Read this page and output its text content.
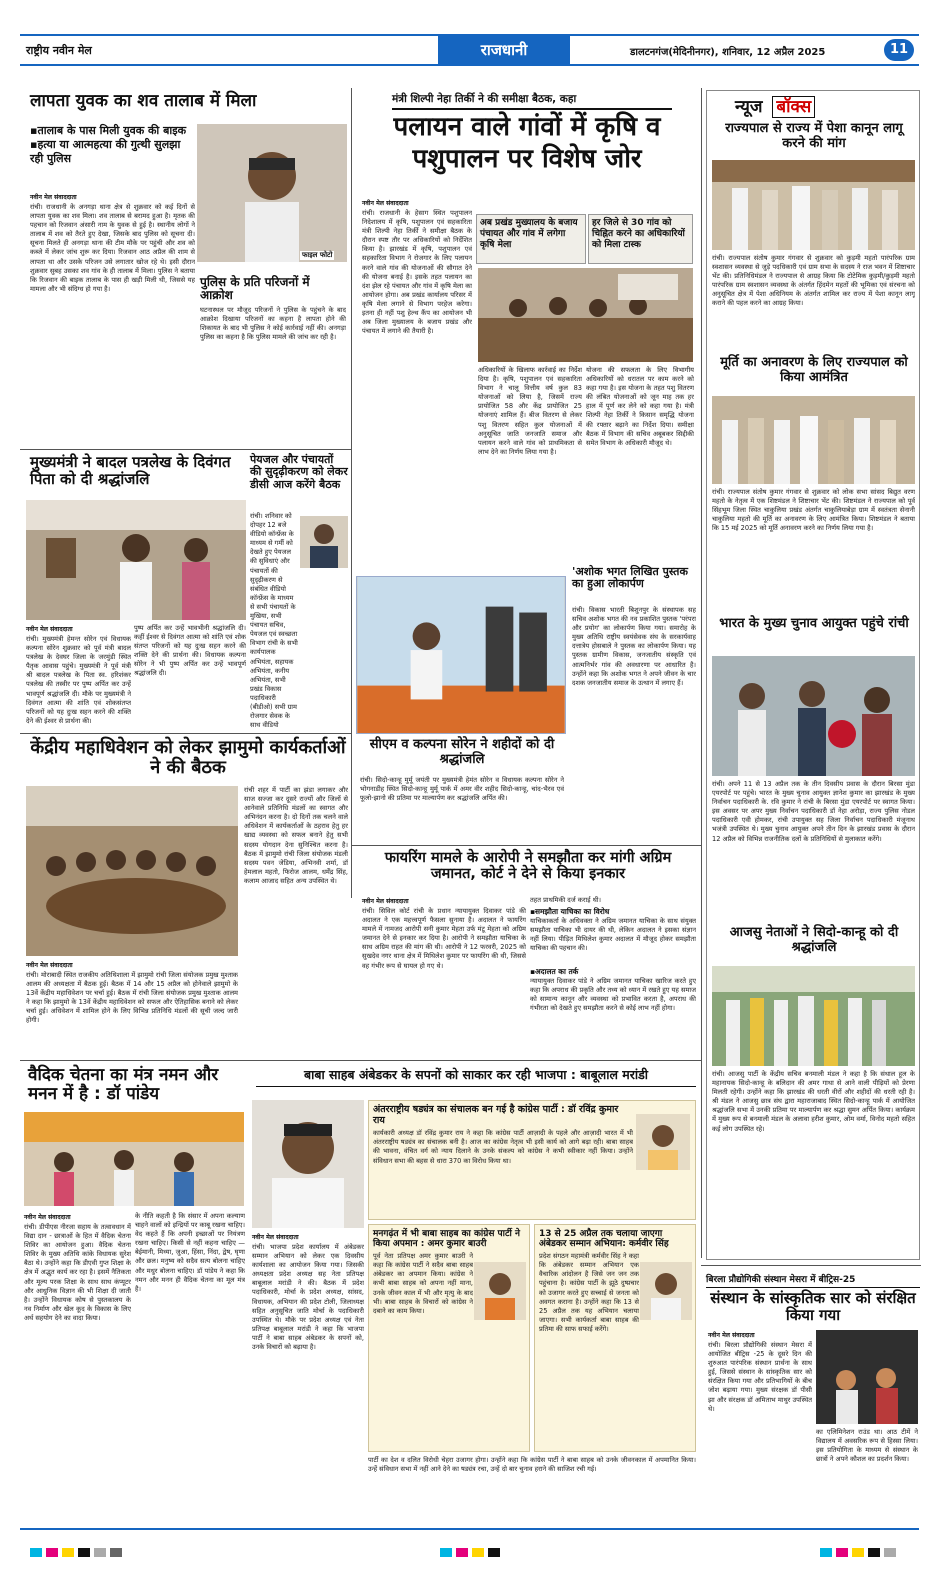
राष्ट्रीय नवीन मेल	राजधानी	डालटनगंज(मेदिनीनगर), शनिवार, 12 अप्रैल 2025	11
लापता युवक का शव तालाब में मिला
▪तालाब के पास मिली युवक की बाइक
▪हत्या या आत्महत्या की गुत्थी सुलझा रही पुलिस
फाइल फोटो
पुलिस के प्रति परिजनों में आक्रोश
नवीन मेल संवाददाता
रांची। राजधानी के अनगड़ा थाना क्षेत्र से शुक्रवार को कई दिनों से लापता युवक का शव मिला। शव तालाब से बरामद हुआ है। मृतक की पहचान को रिजवान अंसारी नाम के युवक से हुई है। स्थानीय लोगों ने तालाब में शव को तैरते हुए देखा, जिसके बाद पुलिस को सूचना दी। सूचना मिलते ही अनगड़ा थाना की टीम मौके पर पहुंची और शव को कब्जे में लेकर जांच शुरू कर दिया। रिजवान आठ अप्रैल की शाम से लापता था और उसके परिजन उसे लगातार खोज रहे थे। इसी दौरान शुक्रवार सुबह उसका शव गांव के ही तालाब में मिला। पुलिस ने बताया कि रिजवान की बाइक तालाब के पास ही खड़ी मिली थी, जिससे यह मामला और भी संदिग्ध हो गया है।
घटनास्थल पर मौजूद परिजनों ने पुलिस के पहुंचने के बाद आक्रोश दिखाया परिजनों का कहना है लापता होने की शिकायत के बाद भी पुलिस ने कोई कार्रवाई नहीं की। अनगड़ा पुलिस का कहना है कि पुलिस मामले की जांच कर रही है।
मंत्री शिल्पी नेहा तिर्की ने की समीक्षा बैठक, कहा
पलायन वाले गांवों में कृषि व पशुपालन पर विशेष जोर
नवीन मेल संवाददाता
रांची। राजधानी के हेसाग स्थित पशुपालन निदेशालय में कृषि, पशुपालन एवं सहकारिता मंत्री शिल्पी नेहा तिर्की ने समीक्षा बैठक के दौरान स्पष्ट तौर पर अधिकारियों को निर्देशित किया है। झारखंड में कृषि, पशुपालन एवं सहकारिता विभाग ने रोजगार के लिए पलायन करने वाले गांव की योजनाओं की सौगात देने की योजना बनाई है। इसके तहत पलायन का दंश झेल रहे पंचायत और गांव में कृषि मेला का आयोजन होगा। अब प्रखंड कार्यालय परिसर में कृषि मेला लगाने से विभाग परहेज करेगा। इतना ही नहीं पशु हेल्थ कैंप का आयोजन भी अब जिला मुख्यालय के बजाय प्रखंड और पंचायत में लगाने की तैयारी है।
अब प्रखंड मुख्यालय के बजाय पंचायत और गांव में लगेगा कृषि मेला
हर जिले से 30 गांव को चिह्नित करने का अधिकारियों को मिला टास्क
अधिकारियों के खिलाफ कार्रवाई का निर्देश दिया है। कृषि, पशुपालन एवं सहकारिता विभाग ने चालू वित्तीय वर्ष कुल 83 योजनाओं को लिया है, जिसमें राज्य प्रायोजित 58 और केंद्र प्रायोजित 25 योजनाएं शामिल हैं। बीज वितरण से लेकर पशु वितरण सहित कुल योजनाओं में अनुसूचित जाति जनजाति समाज और पलायन करने वाले गांव को प्राथमिकता से लाभ देने का निर्णय लिया गया है।
योजना की सफलता के लिए विभागीय अधिकारियों को धरातल पर काम करने को कहा गया है। इस योजना के तहत पशु वितरण की लंबित योजनाओं को जून माह तक हर हाल में पूर्ण कर लेने को कहा गया है। मंत्री शिल्पी नेहा तिर्की ने किसान समृद्धि योजना की रफ्तार बढ़ाने का निर्देश दिया। समीक्षा बैठक में विभाग की सचिव अबूबकर सिद्दीकी समेत विभाग के अधिकारी मौजूद थे।
न्यूज बॉक्स
राज्यपाल से राज्य में पेशा कानून लागू करने की मांग
रांची। राज्यपाल संतोष कुमार गंगवार से शुक्रवार को कुड़मी महतो पारंपरिक ग्राम स्वशासन व्यवस्था से जुड़े पदधिकारी एवं ग्राम सभा के सदस्य ने राज भवन में शिष्टाचार भेंट की। प्रतिनिधिमंडल ने राज्यपाल से आग्रह किया कि टोटेमिक कुड़मी/कुड़मी महतो पारंपरिक ग्राम स्वशासन व्यवस्था के अंतर्गत हिंदमेन महतों की भूमिका एवं संरचना को अनुसूचित क्षेत्र में पेशा अधिनियम के अंतर्गत शामिल कर राज्य में पेशा कानून लागू कराने की पहल करने का आग्रह किया।
मूर्ति का अनावरण के लिए राज्यपाल को किया आमंत्रित
रांची। राज्यपाल संतोष कुमार गंगवार से शुक्रवार को लोक सभा सांसद बिद्युत वरण महतो के नेतृत्व में एक शिष्टमंडल ने शिष्टाचार भेंट की। शिष्टमंडल ने राज्यपाल को पूर्व सिंहभूम जिला स्थित चाकुलिया प्रखंड अंतर्गत चाकुलियाबेड़ा ग्राम में स्वतंत्रता सेनानी चाकुलिया महतो की मूर्ति का अनावरण के लिए आमंत्रित किया। शिष्टमंडल ने बताया कि 15 मई 2025 को मूर्ति अनावरण करने का निर्णय लिया गया है।
भारत के मुख्य चुनाव आयुक्त पहुंचे रांची
रांची। अपने 11 से 13 अप्रैल तक के तीन दिवसीय प्रवास के दौरान बिरसा मुंडा एयरपोर्ट पर पहुंचे। भारत के मुख्य चुनाव आयुक्त ज्ञानेश कुमार का झारखंड के मुख्य निर्वाचन पदाधिकारी के. रवि कुमार ने रांची के बिरसा मुंडा एयरपोर्ट पर स्वागत किया। इस अवसर पर अपर मुख्य निर्वाचन पदाधिकारी डॉ नेहा अरोड़ा, राज्य पुलिस नोडल पदाधिकारी एवी होमकर, रांची उपायुक्त सह जिला निर्वाचन पदाधिकारी मंजूनाथ भजंत्री उपस्थित थे। मुख्य चुनाव आयुक्त अपने तीन दिन के झारखंड प्रवास के दौरान 12 अप्रैल को विभिन्न राजनीतिक दलों के प्रतिनिधियों से मुलाकात करेंगे।
आजसु नेताओं ने सिदो-कान्हू को दी श्रद्धांजलि
रांची। आजसु पार्टी के केंद्रीय सचिव बनमाली मंडल ने कहा है कि संथाल हूल के महानायक सिदो-कान्हू के बलिदान की अमर गाथा से आने वाली पीढ़ियों को प्रेरणा मिलती रहेगी। उन्होंने कहा कि झारखंड की धरती वीरों और शहीदों की धरती रही है। श्री मंडल ने आजसु छात्र संघ द्वारा महाराजाबाद स्थित सिदो-कान्हू पार्क में आयोजित श्रद्धांजलि सभा में उनकी प्रतिमा पर माल्यार्पण कर श्रद्धा सुमन अर्पित किया। कार्यक्रम में मुख्य रूप से बनमाली मंडल के अलावा हरीश कुमार, ओम वर्मा, विनोद महतो सहित कई लोग उपस्थित रहे।
मुख्यमंत्री ने बादल पत्रलेख के दिवंगत पिता को दी श्रद्धांजलि
नवीन मेल संवाददाता
रांची। मुख्यमंत्री हेमन्त सोरेन एवं विधायक कल्पना सोरेन शुक्रवार को पूर्व मंत्री बादल पत्रलेख के देवघर जिला के जरमुंडी स्थित पैतृक आवास पहुंचे। मुख्यमंत्री ने पूर्व मंत्री श्री बादल पत्रलेख के पिता स्व. हरिशंकर पत्रलेख की तस्वीर पर पुष्प अर्पित कर उन्हें भावपूर्ण श्रद्धांजलि दी। मौके पर मुख्यमंत्री ने दिवंगत आत्मा की शांति एवं शोकसंतप्त परिजनों को यह दुःख सहन करने की शक्ति देने की ईश्वर से प्रार्थना की।
पुष्प अर्पित कर उन्हें भावभीनी श्रद्धांजलि दी। कहीं ईश्वर से दिवंगत आत्मा को शांति एवं शोक संतप्त परिजनों को यह दुःख सहन करने की शक्ति देने की प्रार्थना की। विधायक कल्पना सोरेन ने भी पुष्प अर्पित कर उन्हें भावपूर्ण श्रद्धांजलि दी।
पेयजल और पंचायतों की सुदृढ़ीकरण को लेकर डीसी आज करेंगे बैठक
रांची। शनिवार को दोपहर 12 बजे वीडियो कॉन्फ्रेंस के माध्यम से गर्मी को देखते हुए पेयजल की सुविधाएं और पंचायतों की सुदृढ़ीकरण से संबंधित वीडियो कॉन्फ्रेंस के माध्यम से सभी पंचायतों के मुखिया, सभी पंचायत सचिव, पेयजल एवं स्वच्छता विभाग रांची के सभी कार्यपालक अभियंता, सहायक अभियंता, कनीय अभियंता, सभी प्रखंड विकास पदाधिकारी (बीडीओ) सभी ग्राम रोजगार सेवक के साथ वीडियो
केंद्रीय महाधिवेशन को लेकर झामुमो कार्यकर्ताओं ने की बैठक
नवीन मेल संवाददाता
रांची। मोराबादी स्थित राजकीय अतिथिशाला में झामुमो रांची जिला संयोजक प्रमुख मुश्ताक आलम की अध्यक्षता में बैठक हुई। बैठक में 14 और 15 अप्रैल को होनेवाले झामुमो के 13वें केंद्रीय महाधिवेशन पर चर्चा हुई। बैठक में रांची जिला संयोजक प्रमुख मुश्ताक आलम ने कहा कि झामुमो के 13वें केंद्रीय महाधिवेशन को सफल और ऐतिहासिक बनाने को लेकर चर्चा हुई। अधिवेशन में शामिल होने के लिए विभिन्न प्रतिनिधि मंडलों की सूची जल्द जारी होगी।
रांची शहर में पार्टी का झंडा लगाकर और साज सज्जा कर दूसरे राज्यों और जिलों से आनेवाले प्रतिनिधि मंडलों का स्वागत और अभिनंदन करना है। दो दिनों तक चलने वाले अधिवेशन में कार्यकर्ताओं के ठहराव हेतु हर खाद्य व्यवस्था को सफल बनाने हेतु सभी सदस्य योगदान देना सुनिश्चित करना है। बैठक में झामुमो रांची जिला संयोजक मंडली सदस्य पवन जेडिया, अभिनवी शर्मा, डॉ हेमलाल महतो, फिरोज आलम, धर्मेंद्र सिंह, कलाम आजाद सहित अन्य उपस्थित थे।
सीएम व कल्पना सोरेन ने शहीदों को दी श्रद्धांजलि
रांची। सिदो-कान्हू मुर्मू जयंती पर मुख्यमंत्री हेमंत सोरेन व विधायक कल्पना सोरेन ने भोगनाडीह स्थित सिदो-कान्हू मुर्मू पार्क में अमर वीर शहीद सिदो-कान्हू, चांद-भैरव एवं फूलो-झानो की प्रतिमा पर माल्यार्पण कर श्रद्धांजलि अर्पित की।
'अशोक भगत लिखित पुस्तक का हुआ लोकार्पण
रांची। विकास भारती बिशुनपुर के संस्थापक सह सचिव अशोक भगत की नव प्रकाशित पुस्तक 'परंपरा और प्रयोग' का लोकार्पण किया गया। समारोह के मुख्य अतिथि राष्ट्रीय स्वयंसेवक संघ के सरकार्यवाह दत्तात्रेय होसबाले ने पुस्तक का लोकार्पण किया। यह पुस्तक ग्रामीण विकास, जनजातीय संस्कृति एवं आत्मनिर्भर गांव की अवधारणा पर आधारित है। उन्होंने कहा कि अशोक भगत ने अपने जीवन के चार दशक जनजातीय समाज के उत्थान में लगाए हैं।
फायरिंग मामले के आरोपी ने समझौता कर मांगी अग्रिम जमानत, कोर्ट ने देने से किया इनकार
नवीन मेल संवाददाता
रांची। सिविल कोर्ट रांची के प्रधान न्यायायुक्त दिवाकर पांडे की अदालत ने एक महत्त्वपूर्ण फैसला सुनाया है। अदालत ने फायरिंग मामले में नामजद आरोपी सनी कुमार मेहता उर्फ मंटू मेहता को अग्रिम जमानत देने से इनकार कर दिया है। आरोपी ने समझौता याचिका के साथ अग्रिम राहत की मांग की थी। आरोपी ने 12 फरवरी, 2025 को सुखदेव नगर थाना क्षेत्र में मिथिलेश कुमार पर फायरिंग की थी, जिससे वह गंभीर रूप से घायल हो गए थे।
तहत प्राथमिकी दर्ज कराई थी।
▪समझौता याचिका का विरोध
याचिकाकर्ता के अधिवक्ता ने अग्रिम जमानत याचिका के साथ संयुक्त समझौता याचिका भी दायर की थी, लेकिन अदालत ने इसका संज्ञान नहीं लिया। पीड़ित मिथिलेश कुमार अदालत में मौजूद होकर समझौता याचिका की पहचान की।
▪अदालत का तर्क
न्यायायुक्त दिवाकर पांडे ने अग्रिम जमानत याचिका खारिज करते हुए कहा कि अपराध की प्रकृति और तथ्य को ध्यान में रखते हुए यह समाज को सामान्य कानून और व्यवस्था को प्रभावित करता है, अपराध की गंभीरता को देखते हुए समझौता करने से कोई लाभ नहीं होगा।
वैदिक चेतना का मंत्र नमन और मनन में है : डॉ पांडेय
नवीन मेल संवाददाता
रांची। डीपीएस नीरजा सहाय के तत्वावधान में विद्या दान - छात्राओं के हित में वैदिक चेतना शिविर का आयोजन हुआ। वैदिक चेतना शिविर के मुख्य अतिथि कांके विधायक सुरेश बैठा थे। उन्होंने कहा कि डीएवी गुप्त शिक्षा के क्षेत्र में अद्भुत कार्य कर रहा है। इसमें नैतिकता और मूल्य परक शिक्षा के साथ साथ कंप्यूटर और आधुनिक विज्ञान की भी शिक्षा दी जाती है। उन्होंने विधायक कोष से पुस्तकालय के नव निर्माण और खेल कूद के विकास के लिए अर्थ सहयोग देने का वादा किया।
के नीति कहती है कि संसार में अपना कल्याण चाहने वालों को इन्द्रियों पर काबू रखना चाहिए। वेद कहते हैं कि अपनी इच्छाओं पर नियंत्रण रखना चाहिए। किसी से नहीं कहना चाहिए — बेईमानी, मिथ्या, जुआ, हिंसा, निंदा, द्वेष, घृणा और छल। मनुष्य को सदैव सत्य बोलना चाहिए और मधुर बोलना चाहिए। डॉ पांडेय ने कहा कि नमन और मनन ही वैदिक चेतना का मूल मंत्र है।
बाबा साहब अंबेडकर के सपनों को साकार कर रही भाजपा : बाबूलाल मरांडी
नवीन मेल संवाददाता
रांची। भाजपा प्रदेश कार्यालय में अंबेडकर सम्मान अभियान को लेकर एक दिवसीय कार्यशाला का आयोजन किया गया। जिसकी अध्यक्षता प्रदेश अध्यक्ष सह नेता प्रतिपक्ष बाबूलाल मरांडी ने की। बैठक में प्रदेश पदाधिकारी, मोर्चा के प्रदेश अध्यक्ष, सांसद, विधायक, अभियान की प्रदेश टोली, जिलाध्यक्ष सहित अनुसूचित जाति मोर्चा के पदाधिकारी उपस्थित थे। मौके पर प्रदेश अध्यक्ष एवं नेता प्रतिपक्ष बाबूलाल मरांडी ने कहा कि भाजपा पार्टी ने बाबा साहब अंबेडकर के सपनों को, उनके विचारों को बढ़ाया है।
अंतरराष्ट्रीय षड्यंत्र का संचालक बन गई है कांग्रेस पार्टी : डॉ रविंद्र कुमार राय
कार्यकारी अध्यक्ष डॉ रविंद्र कुमार राय ने कहा कि कांग्रेस पार्टी आज़ादी के पहले और आज़ादी भारत में भी अंतरराष्ट्रीय षड्यंत्र का संचालक बनी है। आज का कांग्रेस नेतृत्व भी इसी कार्य को आगे बढ़ा रही। बाबा साहब की भावना, वंचित वर्ग को न्याय दिलाने के उनके संकल्प को कांग्रेस ने कभी स्वीकार नहीं किया। उन्होंने संविधान सभा की बहस से धारा 370 का विरोध किया था।
मनगढ़ंत में भी बाबा साहब का कांग्रेस पार्टी ने किया अपमान : अमर कुमार बाउरी
पूर्व नेता प्रतिपक्ष अमर कुमार बाउरी ने कहा कि कांग्रेस पार्टी ने सदैव बाबा साहब अंबेडकर का अपमान किया। कांग्रेस ने कभी बाबा साहब को अपना नहीं माना, उनके जीवन काल में भी और मृत्यु के बाद भी। बाबा साहब के विचारों को कांग्रेस ने दबाने का काम किया।
13 से 25 अप्रैल तक चलाया जाएगा अंबेडकर सम्मान अभियान: कर्मवीर सिंह
प्रदेश संगठन महामंत्री कर्मवीर सिंह ने कहा कि अंबेडकर सम्मान अभियान एक वैचारिक आंदोलन है जिसे जन जन तक पहुंचाना है। कांग्रेस पार्टी के झूठे दुष्प्रचार को उजागर करते हुए सच्चाई से जनता को अवगत कराना है। उन्होंने कहा कि 13 से 25 अप्रैल तक यह अभियान चलाया जाएगा। सभी कार्यकर्ता बाबा साहब की प्रतिमा की साफ सफाई करेंगे।
पार्टी का देश व दलित विरोधी चेहरा उजागर होगा। उन्होंने कहा कि कांग्रेस पार्टी ने बाबा साहब को उनके जीवनकाल में अपमानित किया। उन्हें संविधान सभा में नहीं आने देने का षड्यंत्र रचा, उन्हें दो बार चुनाव हराने की साजिश रची गई।
बिरला प्रौद्योगिकी संस्थान मेसरा में बीट्रिस-25
संस्थान के सांस्कृतिक सार को संरक्षित किया गया
नवीन मेल संवाददाता
रांची। बिरला प्रौद्योगिकी संस्थान मेसरा में आयोजित बीट्रिस -25 के दूसरे दिन की शुरुआत पारंपरिक संस्थान प्रार्थना के साथ हुई, जिससे संस्थान के सांस्कृतिक सार को संरक्षित किया गया और प्रतिभागियों के बीच जोश बढ़ाया गया। मुख्य संरक्षक डॉ पीसी झा और संरक्षक डॉ अमिताभ माथुर उपस्थित थे।
का एलिमिनेशन राउंड था। आठ टीमें ने विद्यालय में अवसरिक रूप से हिस्सा लिया। इस प्रतियोगिता के माध्यम से संस्थान के छात्रों ने अपने कौशल का प्रदर्शन किया।
